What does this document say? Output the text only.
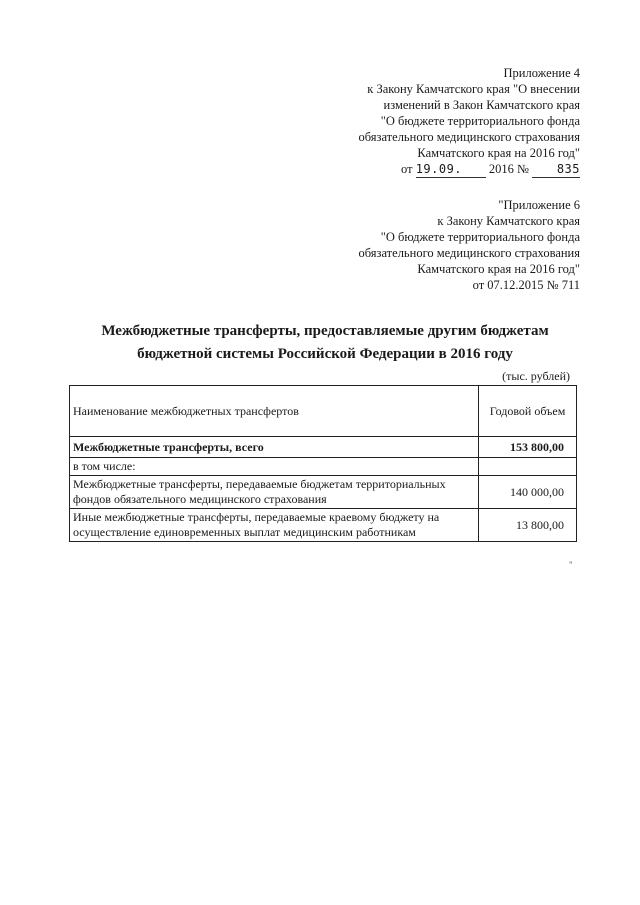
Приложение 4
к Закону Камчатского края "О внесении
изменений в Закон Камчатского края
"О бюджете территориального фонда
обязательного медицинского страхования
Камчатского края на 2016 год"
от 19.09. 2016 № 835
"Приложение 6
к Закону Камчатского края
"О бюджете территориального фонда
обязательного медицинского страхования
Камчатского края на 2016 год"
от 07.12.2015 № 711
Межбюджетные трансферты, предоставляемые другим бюджетам
бюджетной системы Российской Федерации в 2016 году
(тыс. рублей)
Наименование межбюджетных трансфертов	Годовой объем
Межбюджетные трансферты, всего	153 800,00
в том числе:	
Межбюджетные трансферты, передаваемые бюджетам территориальных фондов обязательного медицинского страхования	140 000,00
Иные межбюджетные трансферты, передаваемые краевому бюджету на осуществление единовременных выплат медицинским работникам	13 800,00
"
